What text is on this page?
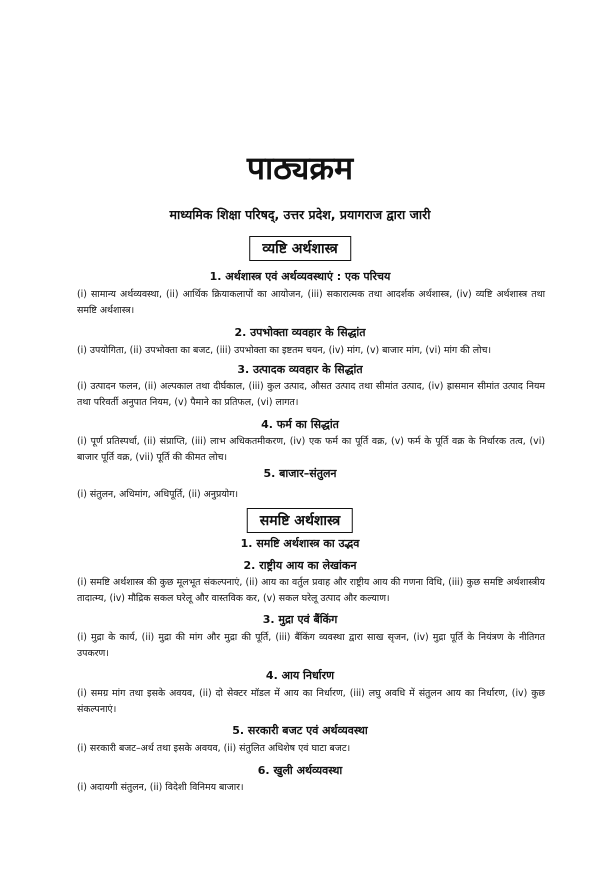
पाठ्यक्रम
माध्यमिक शिक्षा परिषद्, उत्तर प्रदेश, प्रयागराज द्वारा जारी
व्यष्टि अर्थशास्त्र
1. अर्थशास्त्र एवं अर्थव्यवस्थाएं : एक परिचय
(i) सामान्य अर्थव्यवस्था, (ii) आर्थिक क्रियाकलापों का आयोजन, (iii) सकारात्मक तथा आदर्शक अर्थशास्त्र, (iv) व्यष्टि अर्थशास्त्र तथा समष्टि अर्थशास्त्र।
2. उपभोक्ता व्यवहार के सिद्धांत
(i) उपयोगिता, (ii) उपभोक्ता का बजट, (iii) उपभोक्ता का इष्टतम चयन, (iv) मांग, (v) बाजार मांग, (vi) मांग की लोच।
3. उत्पादक व्यवहार के सिद्धांत
(i) उत्पादन फलन, (ii) अल्पकाल तथा दीर्घकाल, (iii) कुल उत्पाद, औसत उत्पाद तथा सीमांत उत्पाद, (iv) ह्रासमान सीमांत उत्पाद नियम तथा परिवर्ती अनुपात नियम, (v) पैमाने का प्रतिफल, (vi) लागत।
4. फर्म का सिद्धांत
(i) पूर्ण प्रतिस्पर्धा, (ii) संप्राप्ति, (iii) लाभ अधिकतमीकरण, (iv) एक फर्म का पूर्ति वक्र, (v) फर्म के पूर्ति वक्र के निर्धारक तत्व, (vi) बाजार पूर्ति वक्र, (vii) पूर्ति की कीमत लोच।
5. बाजार–संतुलन
(i) संतुलन, अधिमांग, अधिपूर्ति, (ii) अनुप्रयोग।
समष्टि अर्थशास्त्र
1. समष्टि अर्थशास्त्र का उद्भव
2. राष्ट्रीय आय का लेखांकन
(i) समष्टि अर्थशास्त्र की कुछ मूलभूत संकल्पनाएं, (ii) आय का वर्तुल प्रवाह और राष्ट्रीय आय की गणना विधि, (iii) कुछ समष्टि अर्थशास्त्रीय तादात्म्य, (iv) मौद्रिक सकल घरेलू और वास्तविक कर, (v) सकल घरेलू उत्पाद और कल्याण।
3. मुद्रा एवं बैंकिंग
(i) मुद्रा के कार्य, (ii) मुद्रा की मांग और मुद्रा की पूर्ति, (iii) बैंकिंग व्यवस्था द्वारा साख सृजन, (iv) मुद्रा पूर्ति के नियंत्रण के नीतिगत उपकरण।
4. आय निर्धारण
(i) समग्र मांग तथा इसके अवयव, (ii) दो सेक्टर मॉडल में आय का निर्धारण, (iii) लघु अवधि में संतुलन आय का निर्धारण, (iv) कुछ संकल्पनाएं।
5. सरकारी बजट एवं अर्थव्यवस्था
(i) सरकारी बजट–अर्थ तथा इसके अवयव, (ii) संतुलित अधिशेष एवं घाटा बजट।
6. खुली अर्थव्यवस्था
(i) अदायगी संतुलन, (ii) विदेशी विनिमय बाजार।
